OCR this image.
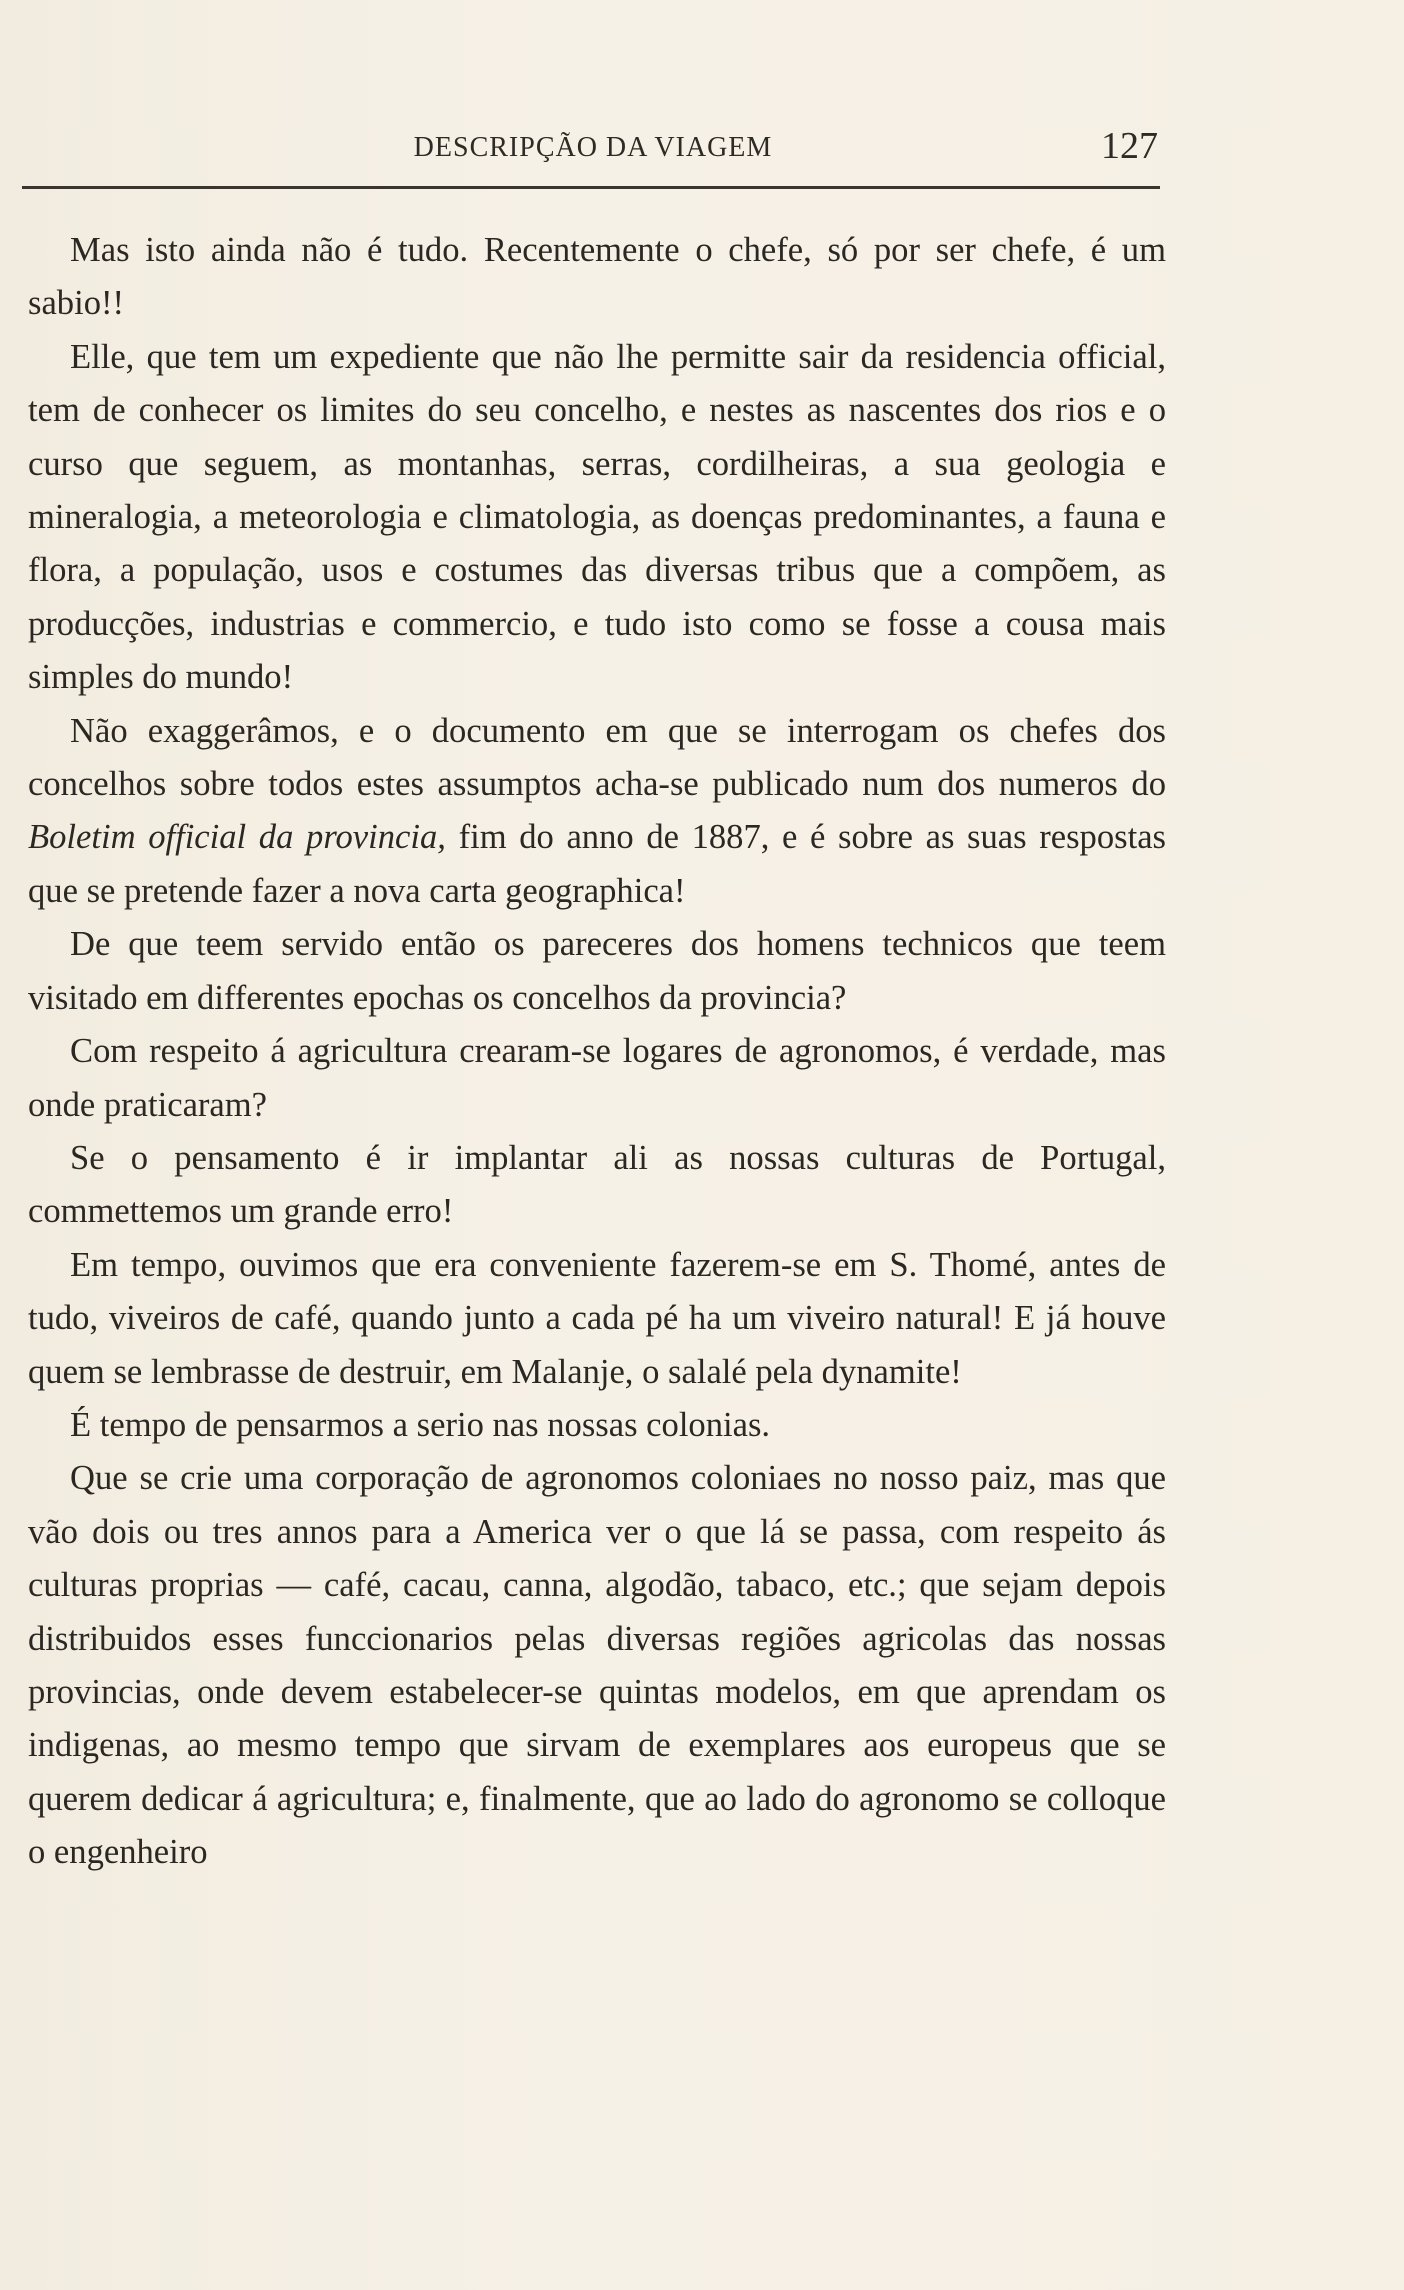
DESCRIPÇÃO DA VIAGEM	127

Mas isto ainda não é tudo. Recentemente o chefe, só por ser chefe, é um sabio!!

Elle, que tem um expediente que não lhe permitte sair da residencia official, tem de conhecer os limites do seu concelho, e nestes as nascentes dos rios e o curso que seguem, as montanhas, serras, cordilheiras, a sua geologia e mineralogia, a meteorologia e climatologia, as doenças predominantes, a fauna e flora, a população, usos e costumes das diversas tribus que a compõem, as producções, industrias e commercio, e tudo isto como se fosse a cousa mais simples do mundo!

Não exaggerâmos, e o documento em que se interrogam os chefes dos concelhos sobre todos estes assumptos acha-se publicado num dos numeros do Boletim official da provincia, fim do anno de 1887, e é sobre as suas respostas que se pretende fazer a nova carta geographica!

De que teem servido então os pareceres dos homens technicos que teem visitado em differentes epochas os concelhos da provincia?

Com respeito á agricultura crearam-se logares de agronomos, é verdade, mas onde praticaram?

Se o pensamento é ir implantar ali as nossas culturas de Portugal, commettemos um grande erro!

Em tempo, ouvimos que era conveniente fazerem-se em S. Thomé, antes de tudo, viveiros de café, quando junto a cada pé ha um viveiro natural! E já houve quem se lembrasse de destruir, em Malanje, o salalé pela dynamite!

É tempo de pensarmos a serio nas nossas colonias.

Que se crie uma corporação de agronomos coloniaes no nosso paiz, mas que vão dois ou tres annos para a America ver o que lá se passa, com respeito ás culturas proprias — café, cacau, canna, algodão, tabaco, etc.; que sejam depois distribuidos esses funccionarios pelas diversas regiões agricolas das nossas provincias, onde devem estabelecer-se quintas modelos, em que aprendam os indigenas, ao mesmo tempo que sirvam de exemplares aos europeus que se querem dedicar á agricultura; e, finalmente, que ao lado do agronomo se colloque o engenheiro
